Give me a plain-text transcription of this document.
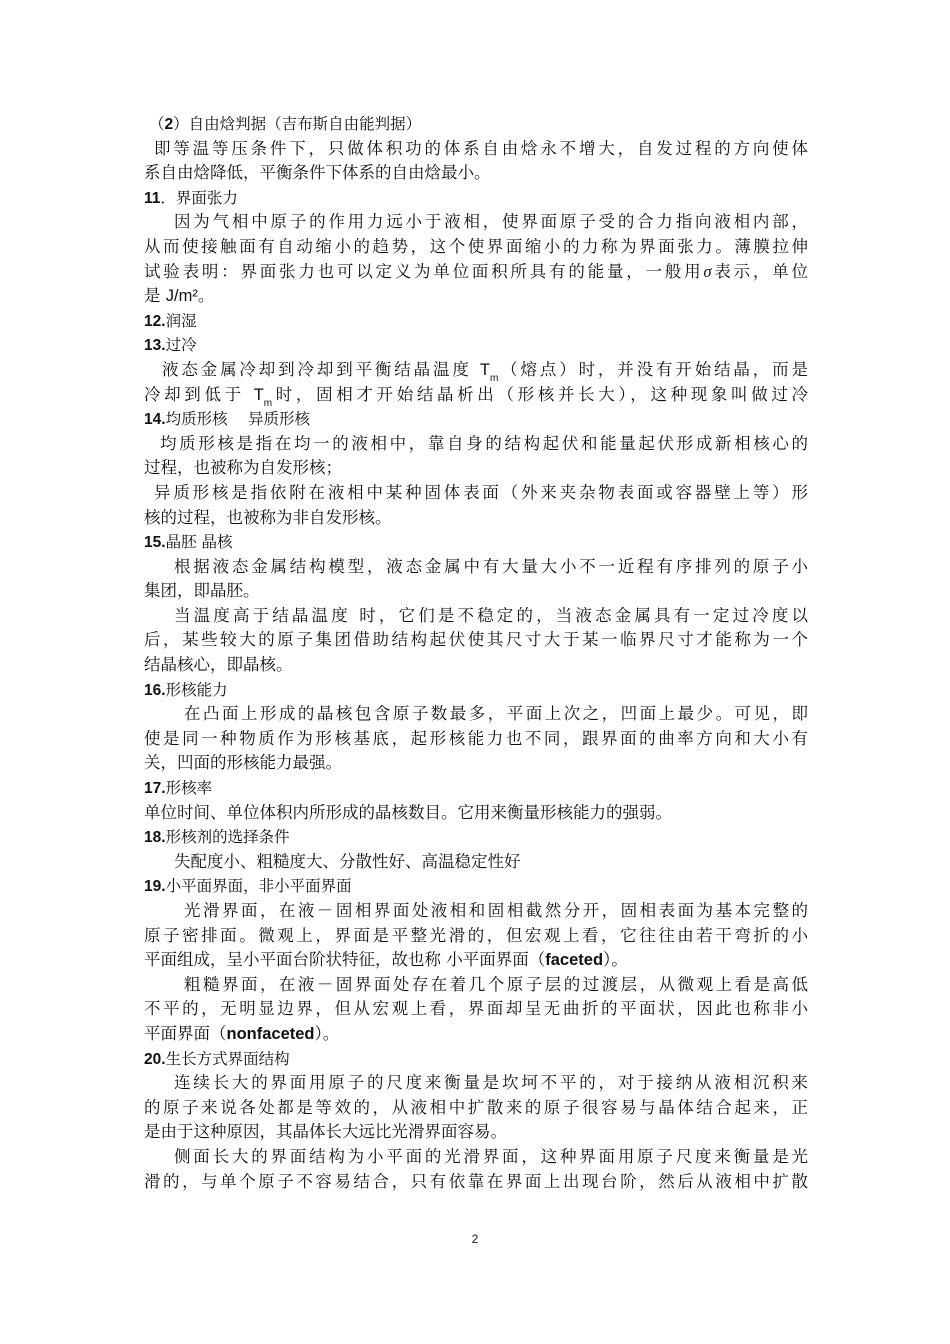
（2）自由焓判据（吉布斯自由能判据）
即等温等压条件下，只做体积功的体系自由焓永不增大，自发过程的方向使体
系自由焓降低，平衡条件下体系的自由焓最小。
11．界面张力
因为气相中原子的作用力远小于液相，使界面原子受的合力指向液相内部，
从而使接触面有自动缩小的趋势，这个使界面缩小的力称为界面张力。薄膜拉伸
试验表明：界面张力也可以定义为单位面积所具有的能量，一般用σ表示，单位
是 J/m²。
12.润湿
13.过冷
液态金属冷却到冷却到平衡结晶温度 $T_m$（熔点）时，并没有开始结晶，而是
冷却到低于 $T_m$时，固相才开始结晶析出（形核并长大），这种现象叫做过冷
14.均质形核　 异质形核
均质形核是指在均一的液相中，靠自身的结构起伏和能量起伏形成新相核心的
过程，也被称为自发形核；
异质形核是指依附在液相中某种固体表面（外来夹杂物表面或容器壁上等）形
核的过程，也被称为非自发形核。
15.晶胚 晶核
根据液态金属结构模型，液态金属中有大量大小不一近程有序排列的原子小
集团，即晶胚。
当温度高于结晶温度 时，它们是不稳定的，当液态金属具有一定过冷度以
后，某些较大的原子集团借助结构起伏使其尺寸大于某一临界尺寸才能称为一个
结晶核心，即晶核。
16.形核能力
在凸面上形成的晶核包含原子数最多，平面上次之，凹面上最少。可见，即
使是同一种物质作为形核基底，起形核能力也不同，跟界面的曲率方向和大小有
关，凹面的形核能力最强。
17.形核率
单位时间、单位体积内所形成的晶核数目。它用来衡量形核能力的强弱。
18.形核剂的选择条件
失配度小、粗糙度大、分散性好、高温稳定性好
19.小平面界面，非小平面界面
光滑界面，在液－固相界面处液相和固相截然分开，固相表面为基本完整的
原子密排面。微观上，界面是平整光滑的，但宏观上看，它往往由若干弯折的小
平面组成，呈小平面台阶状特征，故也称 小平面界面（faceted）。
粗糙界面，在液－固界面处存在着几个原子层的过渡层，从微观上看是高低
不平的，无明显边界，但从宏观上看，界面却呈无曲折的平面状，因此也称非小
平面界面（nonfaceted）。
20.生长方式界面结构
连续长大的界面用原子的尺度来衡量是坎坷不平的，对于接纳从液相沉积来
的原子来说各处都是等效的，从液相中扩散来的原子很容易与晶体结合起来，正
是由于这种原因，其晶体长大远比光滑界面容易。
侧面长大的界面结构为小平面的光滑界面，这种界面用原子尺度来衡量是光
滑的，与单个原子不容易结合，只有依靠在界面上出现台阶，然后从液相中扩散
2
